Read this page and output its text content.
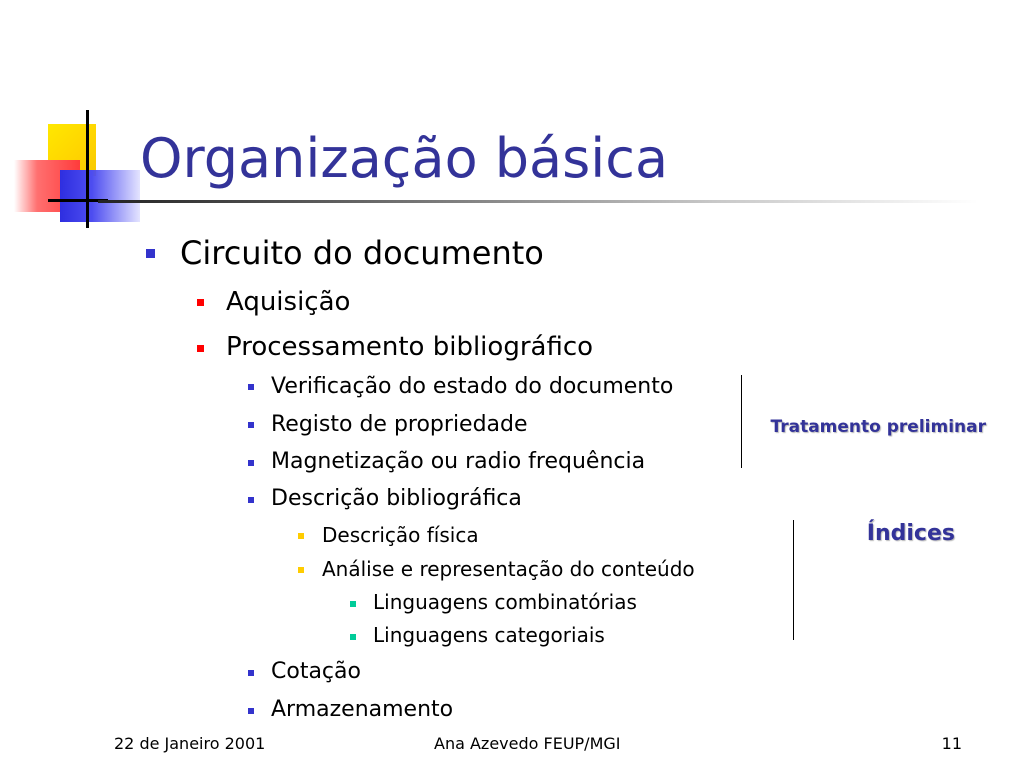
Organização básica
Circuito do documento
Aquisição
Processamento bibliográfico
Verificação do estado do documento
Registo de propriedade
Magnetização ou radio frequência
Descrição bibliográfica
Descrição física
Análise e representação do conteúdo
Linguagens combinatórias
Linguagens categoriais
Cotação
Armazenamento
Tratamento preliminar
Índices
22 de Janeiro 2001	Ana Azevedo FEUP/MGI	11
